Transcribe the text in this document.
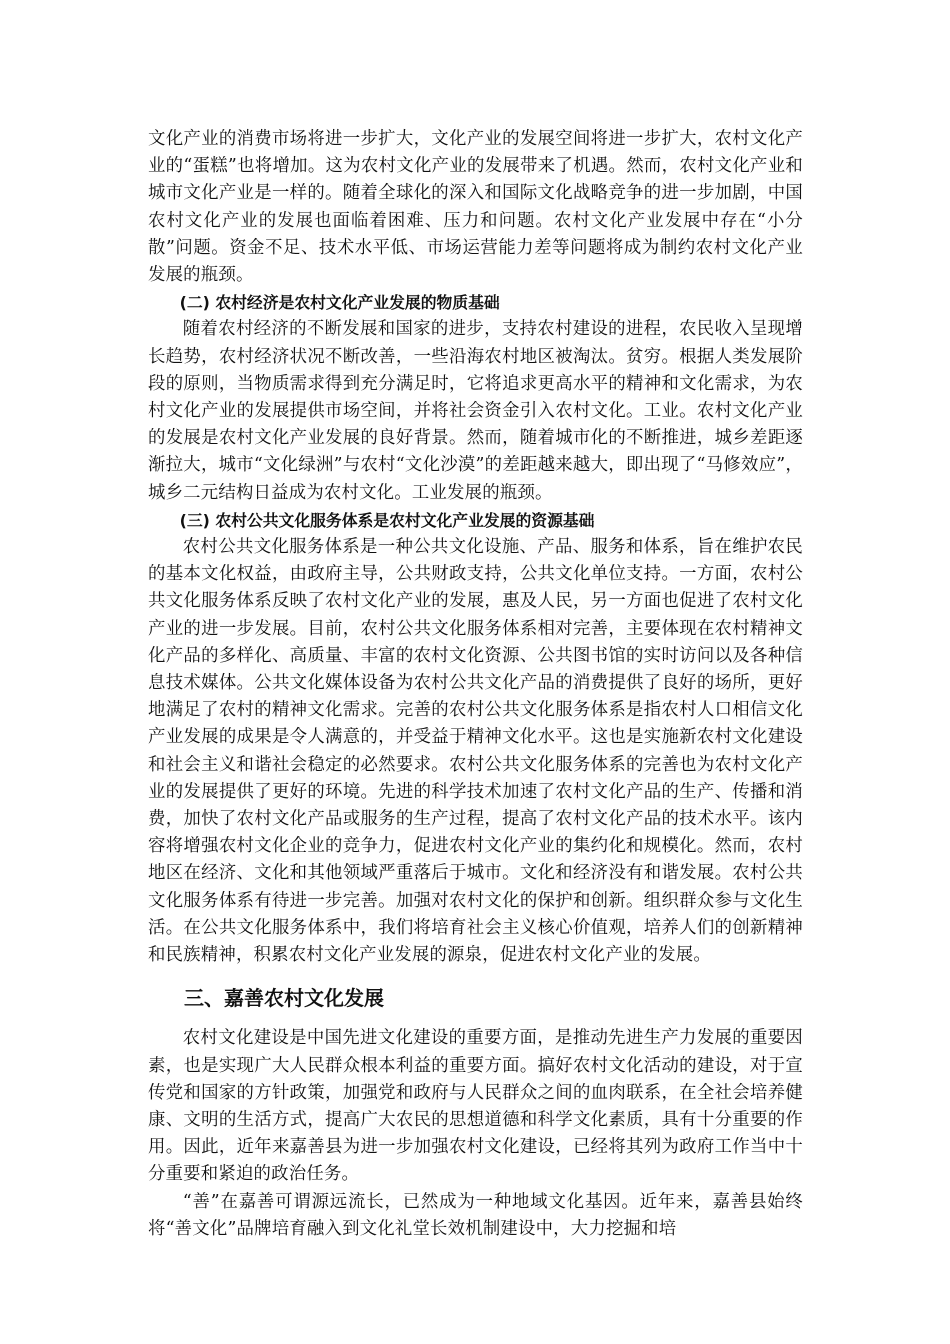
文化产业的消费市场将进一步扩大，文化产业的发展空间将进一步扩大，农村文化产业的“蛋糕”也将增加。这为农村文化产业的发展带来了机遇。然而，农村文化产业和城市文化产业是一样的。随着全球化的深入和国际文化战略竞争的进一步加剧，中国农村文化产业的发展也面临着困难、压力和问题。农村文化产业发展中存在“小分散”问题。资金不足、技术水平低、市场运营能力差等问题将成为制约农村文化产业发展的瓶颈。

(二) 农村经济是农村文化产业发展的物质基础

随着农村经济的不断发展和国家的进步，支持农村建设的进程，农民收入呈现增长趋势，农村经济状况不断改善，一些沿海农村地区被淘汰。贫穷。根据人类发展阶段的原则，当物质需求得到充分满足时，它将追求更高水平的精神和文化需求，为农村文化产业的发展提供市场空间，并将社会资金引入农村文化。工业。农村文化产业的发展是农村文化产业发展的良好背景。然而，随着城市化的不断推进，城乡差距逐渐拉大，城市“文化绿洲”与农村“文化沙漠”的差距越来越大，即出现了“马修效应”，城乡二元结构日益成为农村文化。工业发展的瓶颈。

(三) 农村公共文化服务体系是农村文化产业发展的资源基础

农村公共文化服务体系是一种公共文化设施、产品、服务和体系，旨在维护农民的基本文化权益，由政府主导，公共财政支持，公共文化单位支持。一方面，农村公共文化服务体系反映了农村文化产业的发展，惠及人民，另一方面也促进了农村文化产业的进一步发展。目前，农村公共文化服务体系相对完善，主要体现在农村精神文化产品的多样化、高质量、丰富的农村文化资源、公共图书馆的实时访问以及各种信息技术媒体。公共文化媒体设备为农村公共文化产品的消费提供了良好的场所，更好地满足了农村的精神文化需求。完善的农村公共文化服务体系是指农村人口相信文化产业发展的成果是令人满意的，并受益于精神文化水平。这也是实施新农村文化建设和社会主义和谐社会稳定的必然要求。农村公共文化服务体系的完善也为农村文化产业的发展提供了更好的环境。先进的科学技术加速了农村文化产品的生产、传播和消费，加快了农村文化产品或服务的生产过程，提高了农村文化产品的技术水平。该内容将增强农村文化企业的竞争力，促进农村文化产业的集约化和规模化。然而，农村地区在经济、文化和其他领域严重落后于城市。文化和经济没有和谐发展。农村公共文化服务体系有待进一步完善。加强对农村文化的保护和创新。组织群众参与文化生活。在公共文化服务体系中，我们将培育社会主义核心价值观，培养人们的创新精神和民族精神，积累农村文化产业发展的源泉，促进农村文化产业的发展。

三、嘉善农村文化发展

农村文化建设是中国先进文化建设的重要方面，是推动先进生产力发展的重要因素，也是实现广大人民群众根本利益的重要方面。搞好农村文化活动的建设，对于宣传党和国家的方针政策，加强党和政府与人民群众之间的血肉联系，在全社会培养健康、文明的生活方式，提高广大农民的思想道德和科学文化素质，具有十分重要的作用。因此，近年来嘉善县为进一步加强农村文化建设，已经将其列为政府工作当中十分重要和紧迫的政治任务。

“善”在嘉善可谓源远流长，已然成为一种地域文化基因。近年来，嘉善县始终将“善文化”品牌培育融入到文化礼堂长效机制建设中，大力挖掘和培
